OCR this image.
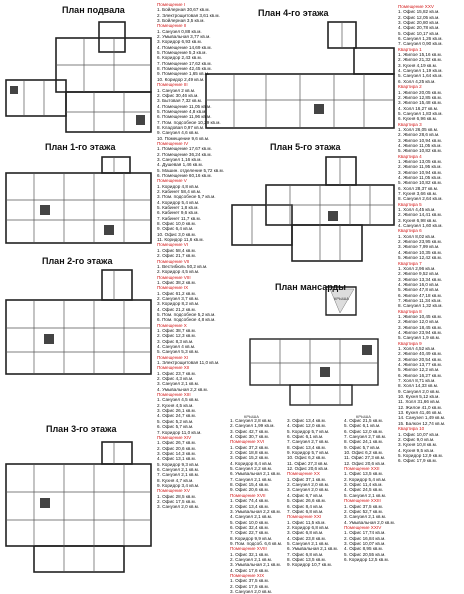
План подвала
План 1-го этажа
План 2-го этажа
План 3-го этажа
План 4-го этажа
План 5-го этажа
План мансарды
КРЫША
КРЫША	КРЫША
Помещение I
1. Бойлерная 30,67 кв.м.
2. Электрощитовая 3,61 кв.м.
3. Бойлерная 3,5 кв.м.
Помещение II
1. Санузел 0,88 кв.м.
2. Умывальная 3,77 кв.м.
3. Коридор 6,93 кв.м.
4. Помещение 14,69 кв.м.
5. Помещение 5,3 кв.м.
6. Коридор 2,43 кв.м.
7. Помещение 17,62 кв.м.
8. Помещение 42,45 кв.м.
9. Помещение 1,65 кв.м.
10. Коридор 2,49 кв.м.
Помещение III
1. Санузел 2 кв.м.
2. Офис 30,46 кв.м.
3. Бытовая 7,32 кв.м.
4. Помещение 11,05 кв.м.
5. Помещение 4,8 кв.м.
6. Помещение 11,96 кв.м.
7. Пом. подсобное 10,29 кв.м.
8. Кладовая 0,97 кв.м.
9. Санузел 4,6 кв.м.
10. Помещение 9,6 кв.м.
Помещение IV
1. Помещение 17,67 кв.м.
2. Помещение 36,24 кв.м.
3. Санузел 1,16 кв.м.
4. Душевая 1,46 кв.м.
5. Машин. отделение 5,72 кв.м.
6. Помещение 60,16 кв.м.
Помещение V
1. Коридор 4,8 кв.м.
2. Кабинет 58,4 кв.м.
3. Пом. подсобное 5,7 кв.м.
4. Коридор 5,4 кв.м.
5. Кабинет 1,8 кв.м.
6. Кабинет 9,6 кв.м.
7. Кабинет 11,7 кв.м.
8. Офис 10,0 кв.м.
9. Офис 6,4 кв.м.
10. Офис 3,0 кв.м.
11. Коридор 11,6 кв.м.
Помещение VI
1. Офис 58,4 кв.м.
2. Офис 21,7 кв.м.
Помещение VII
1. Вестибюль 50,2 кв.м.
2. Коридор 4,5 кв.м.
Помещение VIII
1. Офис 38,2 кв.м.
Помещение IX
1. Офис 61,2 кв.м.
2. Санузел 3,7 кв.м.
3. Коридор 8,2 кв.м.
4. Офис 21,2 кв.м.
5. Пом. подсобное 5,2 кв.м.
6. Пом. подсобное 4,8 кв.м.
Помещение X
1. Офис 38,7 кв.м.
2. Офис 12,3 кв.м.
3. Офис 8,3 кв.м.
4. Санузел 4 кв.м.
5. Санузел 5,3 кв.м.
Помещение XI
1. Электрощитовая 11,0 кв.м.
Помещение XII
1. Офис 23,7 кв.м.
2. Офис 4,3 кв.м.
3. Санузел 2,1 кв.м.
4. Умывальная 2,2 кв.м.
Помещение XIII
1. Санузел 4,5 кв.м.
2. Кухня 4,5 кв.м.
3. Офис 26,1 кв.м.
4. Офис 24,7 кв.м.
5. Офис 5,2 кв.м.
6. Офис 5,7 кв.м.
7. Коридор 11,0 кв.м.
Помещение XIV
1. Офис 26,7 кв.м.
2. Офис 20,6 кв.м.
3. Офис 14,3 кв.м.
4. Офис 13,1 кв.м.
5. Коридор 9,3 кв.м.
6. Санузел 2,1 кв.м.
7. Санузел 2,1 кв.м.
8. Кухня 4,7 кв.м.
9. Коридор 3,4 кв.м.
Помещение XV
1. Офис 28,5 кв.м.
2. Офис 17,5 кв.м.
3. Санузел 2,0 кв.м.
Помещение XXV
1. Офис 15,82 кв.м.
2. Офис 12,05 кв.м.
3. Офис 20,80 кв.м.
4. Офис 20,78 кв.м.
5. Офис 10,17 кв.м.
6. Санузел 1,26 кв.м.
7. Санузел 0,90 кв.м.
Квартира 1
1. Жилое 15,16 кв.м.
2. Жилое 21,32 кв.м.
3. Кухня 4,19 кв.м.
4. Санузел 1,19 кв.м.
5. Санузел 1,64 кв.м.
6. Холл 4,25 кв.м.
Квартира 2
1. Жилое 20,05 кв.м.
2. Жилое 12,85 кв.м.
3. Жилое 15,48 кв.м.
4. Холл 16,27 кв.м.
5. Санузел 1,83 кв.м.
6. Кухня 6,96 кв.м.
Квартира 3
1. Холл 26,05 кв.м.
2. Жилое 28,6 кв.м.
3. Жилое 10,94 кв.м.
4. Жилое 11,05 кв.м.
5. Жилое 10,82 кв.м.
Квартира 4
1. Жилое 13,05 кв.м.
2. Жилое 11,95 кв.м.
3. Жилое 10,94 кв.м.
4. Жилое 11,05 кв.м.
5. Жилое 10,82 кв.м.
6. Холл 28,37 кв.м.
7. Кухня 3,66 кв.м.
8. Санузел 2,64 кв.м.
Квартира 5
1. Холл 4,45 кв.м.
2. Жилое 14,41 кв.м.
3. Кухня 6,98 кв.м.
4. Санузел 1,60 кв.м.
Квартира 6
1. Холл 8,02 кв.м.
2. Жилое 23,95 кв.м.
3. Жилое 7,99 кв.м.
4. Жилое 10,35 кв.м.
5. Жилое 12,42 кв.м.
Квартира 7
1. Холл 2,96 кв.м.
2. Жилое 9,52 кв.м.
3. Жилое 13,34 кв.м.
4. Жилое 16,0 кв.м.
5. Жилое 47,8 кв.м.
6. Жилое 47,18 кв.м.
7. Жилое 11,34 кв.м.
8. Санузел 1,32 кв.м.
Квартира 8
1. Жилое 10,45 кв.м.
2. Жилое 12,0 кв.м.
3. Жилое 18,45 кв.м.
4. Жилое 23,94 кв.м.
5. Санузел 1,9 кв.м.
Квартира 9
1. Холл 4,52 кв.м.
2. Жилое 40,49 кв.м.
3. Жилое 20,54 кв.м.
4. Жилое 13,77 кв.м.
5. Жилое 12,2 кв.м.
6. Жилое 16,27 кв.м.
7. Холл 8,71 кв.м.
8. Холл 14,33 кв.м.
9. Санузел 2,0 кв.м.
10. Кухня 5,12 кв.м.
11. Холл 31,66 кв.м.
12. Жилое 41,0 кв.м.
13. Кухня 41,46 кв.м.
14. Санузел 1,49 кв.м.
15. Балкон 12,74 кв.м.
Квартира 10
1. Офис 10,07 кв.м.
2. Офис 9,0 кв.м.
3. Кухня 10,8 кв.м.
4. Кухня 9,5 кв.м.
5. Коридор 12,9 кв.м.
6. Офис 17,9 кв.м.
1. Санузел 2,8 кв.м.
2. Санузел 1,99 кв.м.
3. Офис 42,7 кв.м.
4. Офис 30,7 кв.м.
Помещение XVI
1. Офис 37,2 кв.м.
2. Офис 18,8 кв.м.
3. Офис 15,2 кв.м.
4. Коридор 8,4 кв.м.
5. Санузел 2,2 кв.м.
6. Умывальная 2,1 кв.м.
7. Санузел 2,1 кв.м.
8. Офис 15,4 кв.м.
9. Офис 20,6 кв.м.
Помещение XVII
1. Офис 74,4 кв.м.
2. Офис 13,4 кв.м.
3. Умывальная 2,2 кв.м.
4. Санузел 2,1 кв.м.
5. Офис 10,0 кв.м.
6. Офис 32,4 кв.м.
7. Офис 22,7 кв.м.
8. Коридор 9,9 кв.м.
9. Пом. подсоб. 6,6 кв.м.
Помещение XVIII
1. Офис 32,1 кв.м.
2. Санузел 2,1 кв.м.
3. Умывальная 2,1 кв.м.
4. Офис 17,6 кв.м.
Помещение XIX
1. Офис 37,5 кв.м.
2. Офис 17,5 кв.м.
3. Санузел 2,0 кв.м.
3. Офис 13,4 кв.м.
4. Офис 12,0 кв.м.
5. Коридор 5,7 кв.м.
6. Офис 6,1 кв.м.
7. Санузел 2,7 кв.м.
8. Офис 13,4 кв.м.
9. Коридор 5,7 кв.м.
10. Офис 6,2 кв.м.
11. Офис 27,3 кв.м.
12. Офис 20,6 кв.м.
Помещение XX
1. Офис 37,1 кв.м.
2. Санузел 2,0 кв.м.
3. Санузел 2,0 кв.м.
4. Офис 6,7 кв.м.
5. Офис 26,6 кв.м.
6. Офис 8,4 кв.м.
7. Офис 6,8 кв.м.
Помещение XXI
1. Офис 11,5 кв.м.
2. Коридор 6,8 кв.м.
3. Офис 6,8 кв.м.
4. Офис 23,8 кв.м.
5. Санузел 2,1 кв.м.
6. Умывальная 2,1 кв.м.
7. Офис 6,8 кв.м.
8. Офис 13,5 кв.м.
9. Коридор 10,7 кв.м.
4. Офис 21,5 кв.м.
5. Офис 6,1 кв.м.
6. Офис 12,0 кв.м.
7. Санузел 2,7 кв.м.
8. Офис 24,1 кв.м.
9. Офис 5,7 кв.м.
10. Офис 6,2 кв.м.
11. Офис 27,3 кв.м.
12. Офис 20,6 кв.м.
Помещение XXII
1. Офис 13,5 кв.м.
2. Коридор 5,4 кв.м.
3. Офис 11,4 кв.м.
4. Офис 24,5 кв.м.
5. Санузел 2,1 кв.м.
Помещение XXIII
1. Офис 37,5 кв.м.
2. Офис 52,7 кв.м.
3. Санузел 2,1 кв.м.
4. Умывальная 2,0 кв.м.
Помещение XXIV
1. Офис 17,74 кв.м.
2. Офис 16,84 кв.м.
3. Офис 10,07 кв.м.
4. Офис 8,95 кв.м.
5. Офис 20,55 кв.м.
6. Коридор 12,5 кв.м.
